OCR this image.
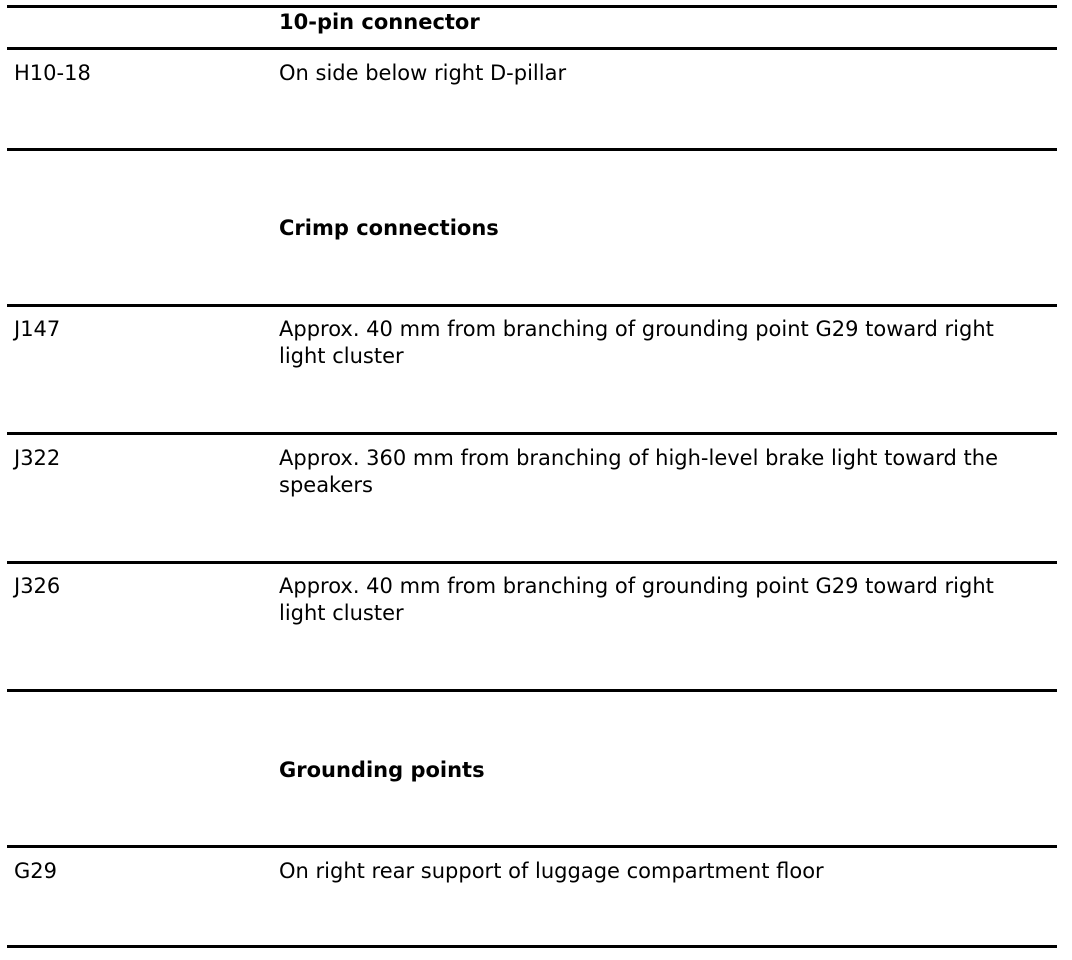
10-pin connector
H10-18	On side below right D-pillar
Crimp connections
J147	Approx. 40 mm from branching of grounding point G29 toward right
light cluster
J322	Approx. 360 mm from branching of high-level brake light toward the
speakers
J326	Approx. 40 mm from branching of grounding point G29 toward right
light cluster
Grounding points
G29	On right rear support of luggage compartment floor
